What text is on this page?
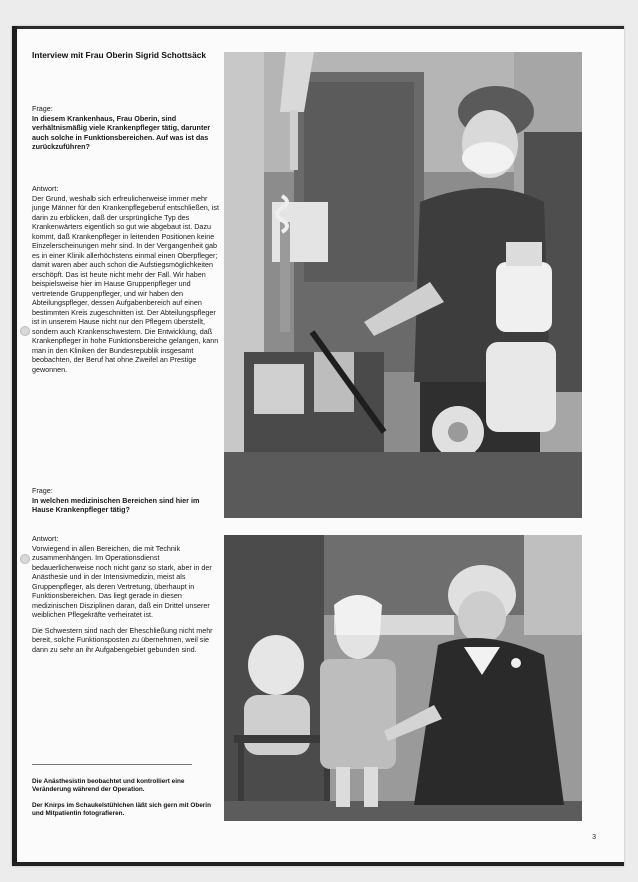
Interview mit Frau Oberin Sigrid Schottsäck
Frage:
In diesem Krankenhaus, Frau Oberin, sind verhältnismäßig viele Krankenpfleger tätig, darunter auch solche in Funktionsbereichen. Auf was ist das zurückzuführen?
Antwort:
Der Grund, weshalb sich erfreulicherweise immer mehr junge Männer für den Krankenpflegeberuf entschließen, ist darin zu erblicken, daß der ursprüngliche Typ des Krankenwärters eigentlich so gut wie abgebaut ist. Dazu kommt, daß Krankenpfleger in leitenden Positionen keine Einzelerscheinungen mehr sind. In der Vergangenheit gab es in einer Klinik allerhöchstens einmal einen Oberpfleger; damit waren aber auch schon die Aufstiegsmöglichkeiten erschöpft. Das ist heute nicht mehr der Fall. Wir haben beispielsweise hier im Hause Gruppenpfleger und vertretende Gruppenpfleger, und wir haben den Abteilungspfleger, dessen Aufgabenbereich auf einen bestimmten Kreis zugeschnitten ist. Der Abteilungspfleger ist in unserem Hause nicht nur den Pflegern überstellt, sondern auch Krankenschwestern. Die Entwicklung, daß Krankenpfleger in hohe Funktionsbereiche gelangen, kann man in den Kliniken der Bundesrepublik insgesamt beobachten, der Beruf hat ohne Zweifel an Prestige gewonnen.
Frage:
In welchen medizinischen Bereichen sind hier im Hause Krankenpfleger tätig?
Antwort:
Vorwiegend in allen Bereichen, die mit Technik zusammenhängen. Im Operationsdienst bedauerlicherweise noch nicht ganz so stark, aber in der Anästhesie und in der Intensivmedizin, meist als Gruppenpfleger, als deren Vertretung, überhaupt in Funktionsbereichen. Das liegt gerade in diesen medizinischen Disziplinen daran, daß ein Drittel unserer weiblichen Pflegekräfte verheiratet ist.
Die Schwestern sind nach der Eheschließung nicht mehr bereit, solche Funktionsposten zu übernehmen, weil sie dann zu sehr an ihr Aufgabengebiet gebunden sind.
Die Anästhesistin beobachtet und kontrolliert eine Veränderung während der Operation.
Der Knirps im Schaukelstühlchen läßt sich gern mit Oberin und Mitpatientin fotografieren.
3
